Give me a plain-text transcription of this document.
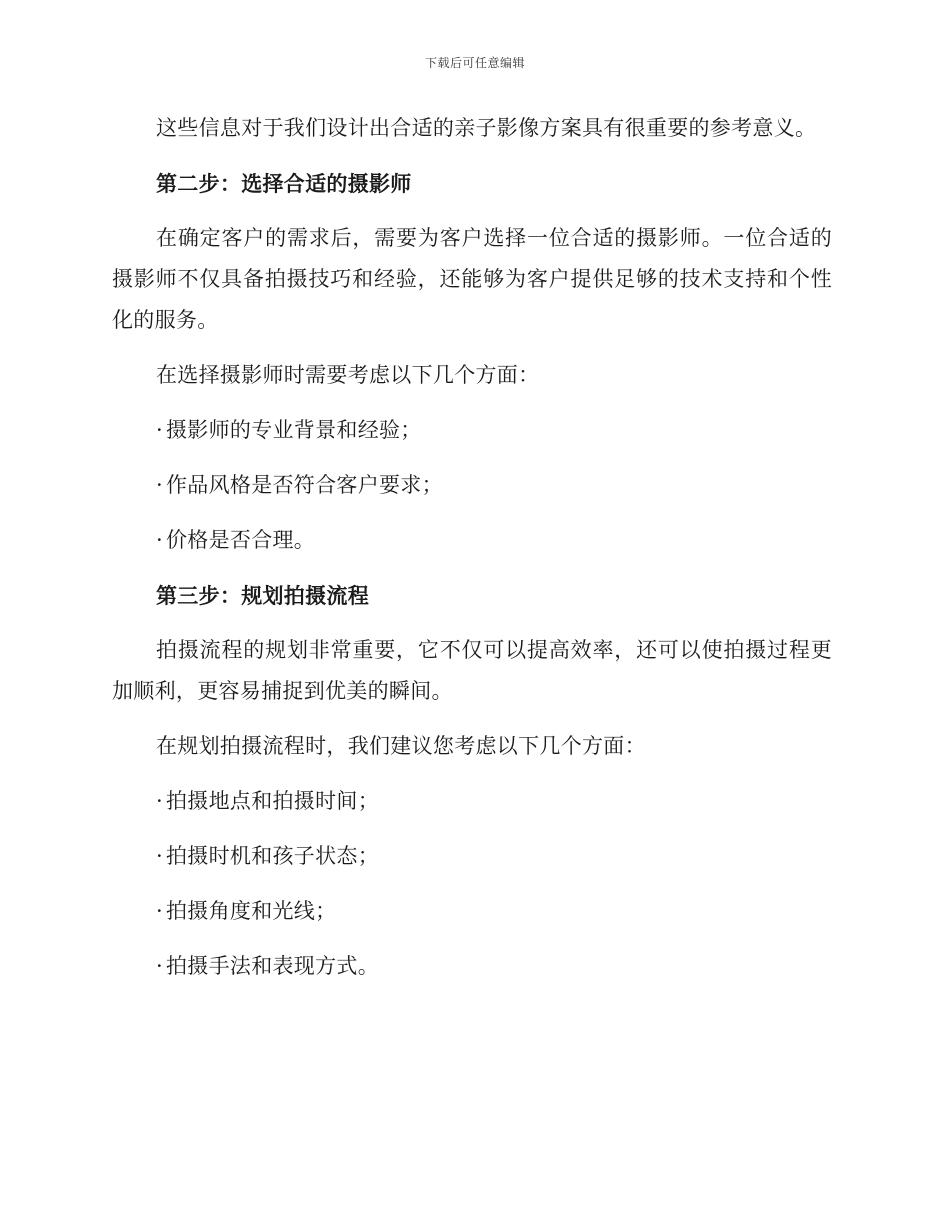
下载后可任意编辑

这些信息对于我们设计出合适的亲子影像方案具有很重要的参考意义。

第二步：选择合适的摄影师

在确定客户的需求后，需要为客户选择一位合适的摄影师。一位合适的摄影师不仅具备拍摄技巧和经验，还能够为客户提供足够的技术支持和个性化的服务。

在选择摄影师时需要考虑以下几个方面：

· 摄影师的专业背景和经验；

· 作品风格是否符合客户要求；

· 价格是否合理。

第三步：规划拍摄流程

拍摄流程的规划非常重要，它不仅可以提高效率，还可以使拍摄过程更加顺利，更容易捕捉到优美的瞬间。

在规划拍摄流程时，我们建议您考虑以下几个方面：

· 拍摄地点和拍摄时间；

· 拍摄时机和孩子状态；

· 拍摄角度和光线；

· 拍摄手法和表现方式。
